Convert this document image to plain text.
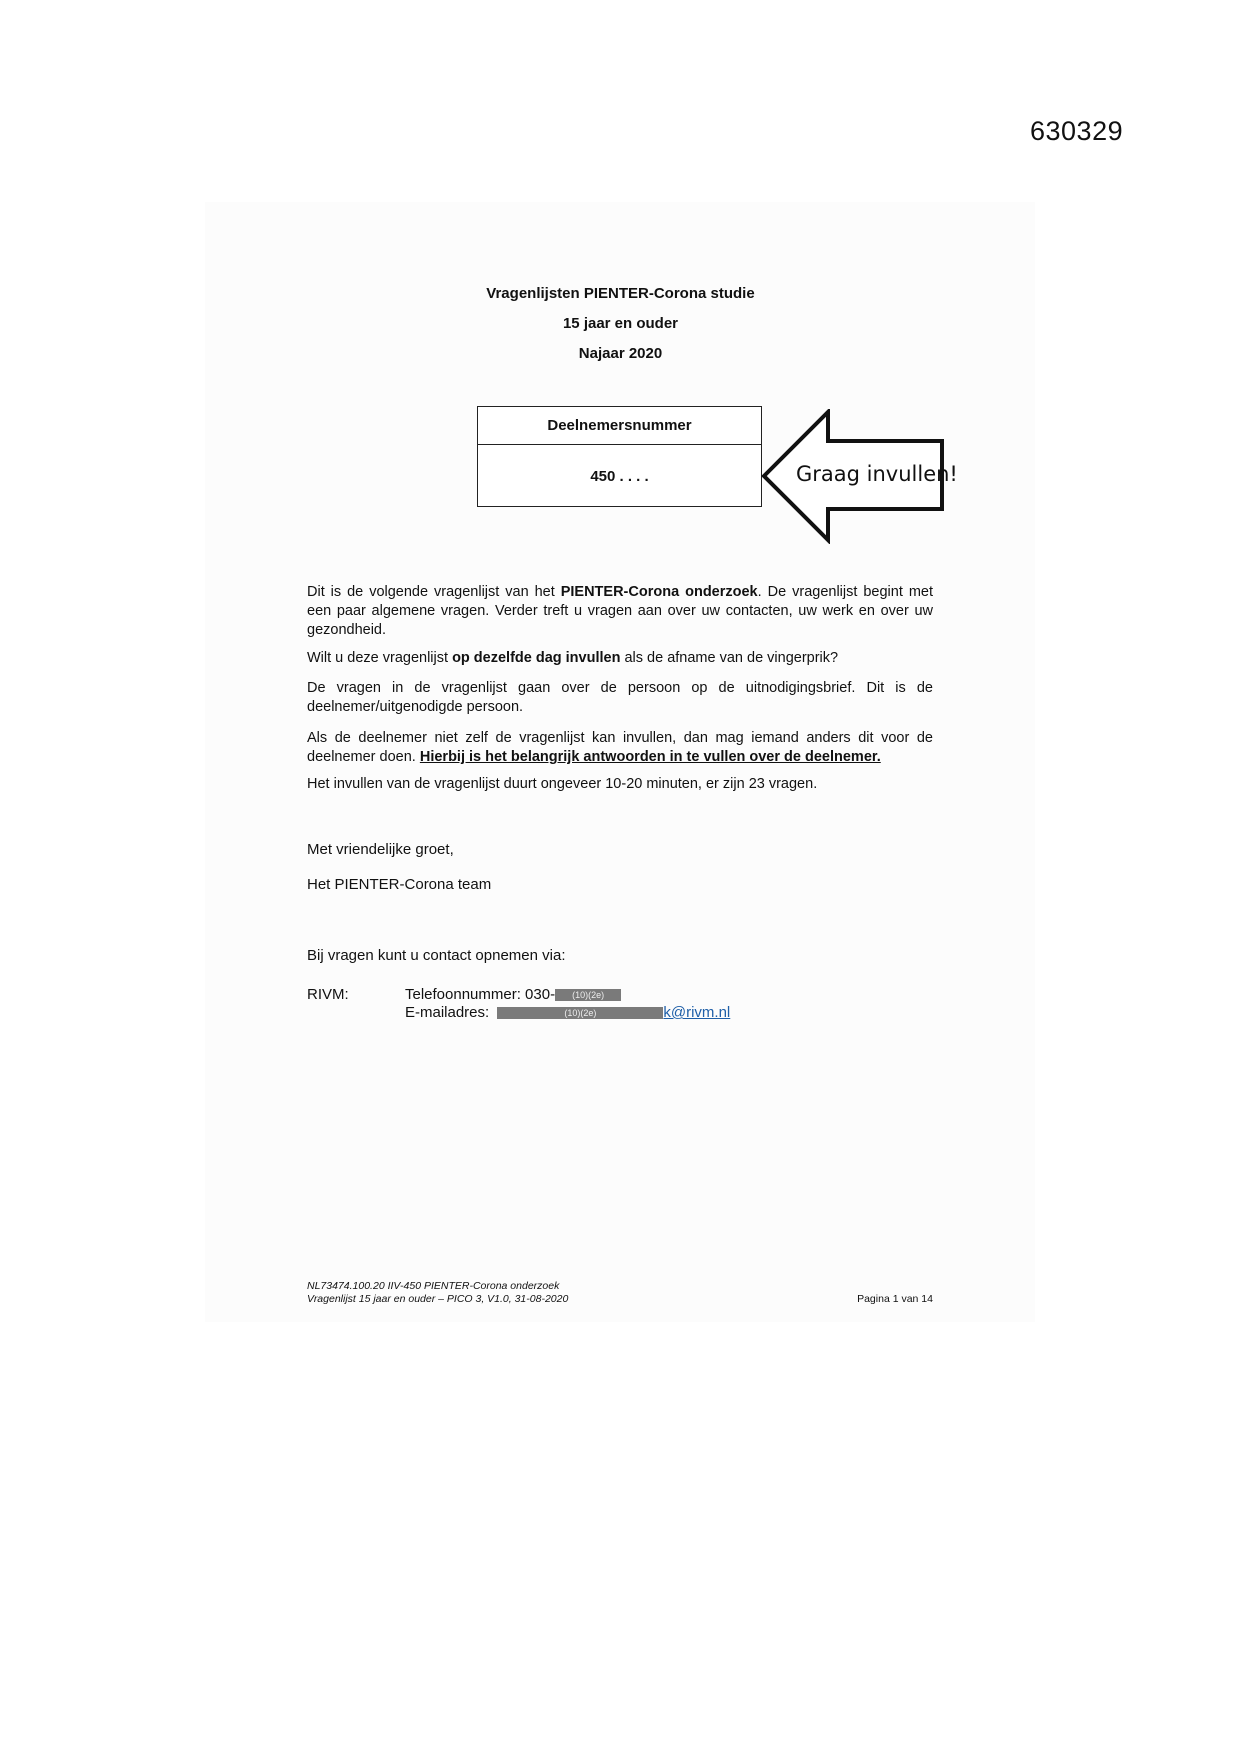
630329
Vragenlijsten PIENTER-Corona studie
15 jaar en ouder
Najaar 2020
Deelnemersnummer
450 . . . .	Graag invullen!
Dit is de volgende vragenlijst van het PIENTER-Corona onderzoek. De vragenlijst begint met een paar algemene vragen. Verder treft u vragen aan over uw contacten, uw werk en over uw gezondheid.
Wilt u deze vragenlijst op dezelfde dag invullen als de afname van de vingerprik?
De vragen in de vragenlijst gaan over de persoon op de uitnodigingsbrief. Dit is de deelnemer/uitgenodigde persoon.
Als de deelnemer niet zelf de vragenlijst kan invullen, dan mag iemand anders dit voor de deelnemer doen. Hierbij is het belangrijk antwoorden in te vullen over de deelnemer.
Het invullen van de vragenlijst duurt ongeveer 10-20 minuten, er zijn 23 vragen.
Met vriendelijke groet,
Het PIENTER-Corona team
Bij vragen kunt u contact opnemen via:
RIVM:	Telefoonnummer: 030- (10)(2e)
E-mailadres:	(10)(2e)	k@rivm.nl
NL73474.100.20 IIV-450 PIENTER-Corona onderzoek
Vragenlijst 15 jaar en ouder – PICO 3, V1.0, 31-08-2020	Pagina 1 van 14
